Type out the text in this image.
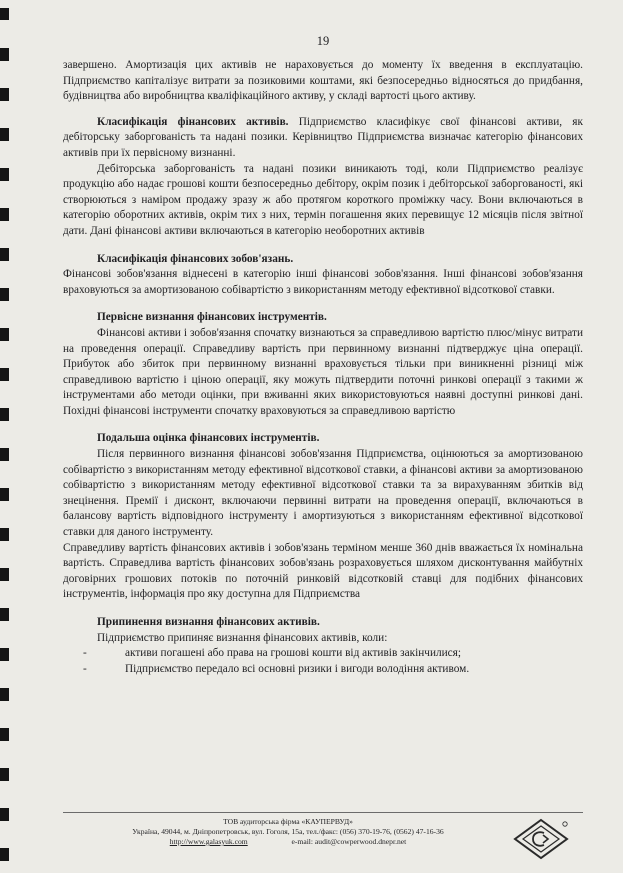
19

завершено. Амортизація цих активів не нараховується до моменту їх введення в експлуатацію. Підприємство капіталізує витрати за позиковими коштами, які безпосередньо відносяться до придбання, будівництва або виробництва кваліфікаційного активу, у складі вартості цього активу.

Класифікація фінансових активів. Підприємство класифікує свої фінансові активи, як дебіторську заборгованість та надані позики. Керівництво Підприємства визначає категорію фінансових активів при їх первісному визнанні.

Дебіторська заборгованість та надані позики виникають тоді, коли Підприємство реалізує продукцію або надає грошові кошти безпосередньо дебітору, окрім позик і дебіторської заборгованості, які створюються з наміром продажу зразу ж або протягом короткого проміжку часу. Вони включаються в категорію оборотних активів, окрім тих з них, термін погашення яких перевищує 12 місяців після звітної дати. Дані фінансові активи включаються в категорію необоротних активів

Класифікація фінансових зобов'язань.

Фінансові зобов'язання віднесені в категорію інші фінансові зобов'язання. Інші фінансові зобов'язання враховуються за амортизованою собівартістю з використанням методу ефективної відсоткової ставки.

Первісне визнання фінансових інструментів.

Фінансові активи і зобов'язання спочатку визнаються за справедливою вартістю плюс/мінус витрати на проведення операції. Справедливу вартість при первинному визнанні підтверджує ціна операції. Прибуток або збиток при первинному визнанні враховується тільки при виникненні різниці між справедливою вартістю і ціною операції, яку можуть підтвердити поточні ринкові операції з такими ж інструментами або методи оцінки, при вживанні яких використовуються наявні доступні ринкові дані. Похідні фінансові інструменти спочатку враховуються за справедливою вартістю

Подальша оцінка фінансових інструментів.

Після первинного визнання фінансові зобов'язання Підприємства, оцінюються за амортизованою собівартістю з використанням методу ефективної відсоткової ставки, а фінансові активи за амортизованою собівартістю з використанням методу ефективної відсоткової ставки та за вирахуванням збитків від знецінення. Премії і дисконт, включаючи первинні витрати на проведення операції, включаються в балансову вартість відповідного інструменту і амортизуються з використанням ефективної відсоткової ставки для даного інструменту.

Справедливу вартість фінансових активів і зобов'язань терміном менше 360 днів вважається їх номінальна вартість. Справедлива вартість фінансових зобов'язань розраховується шляхом дисконтування майбутніх договірних грошових потоків по поточній ринковій відсотковій ставці для подібних фінансових інструментів, інформація про яку доступна для Підприємства

Припинення визнання фінансових активів.

Підприємство припиняє визнання фінансових активів, коли:

- активи погашені або права на грошові кошти від активів закінчилися;
- Підприємство передало всі основні ризики і вигоди володіння активом.
ТОВ аудиторська фірма «КАУПЕРВУД»
Україна, 49044, м. Дніпропетровськ, вул. Гоголя, 15а, тел./факс: (056) 370-19-76, (0562) 47-16-36
http://www.galasyuk.com	e-mail: audit@cowperwood.dnepr.net
